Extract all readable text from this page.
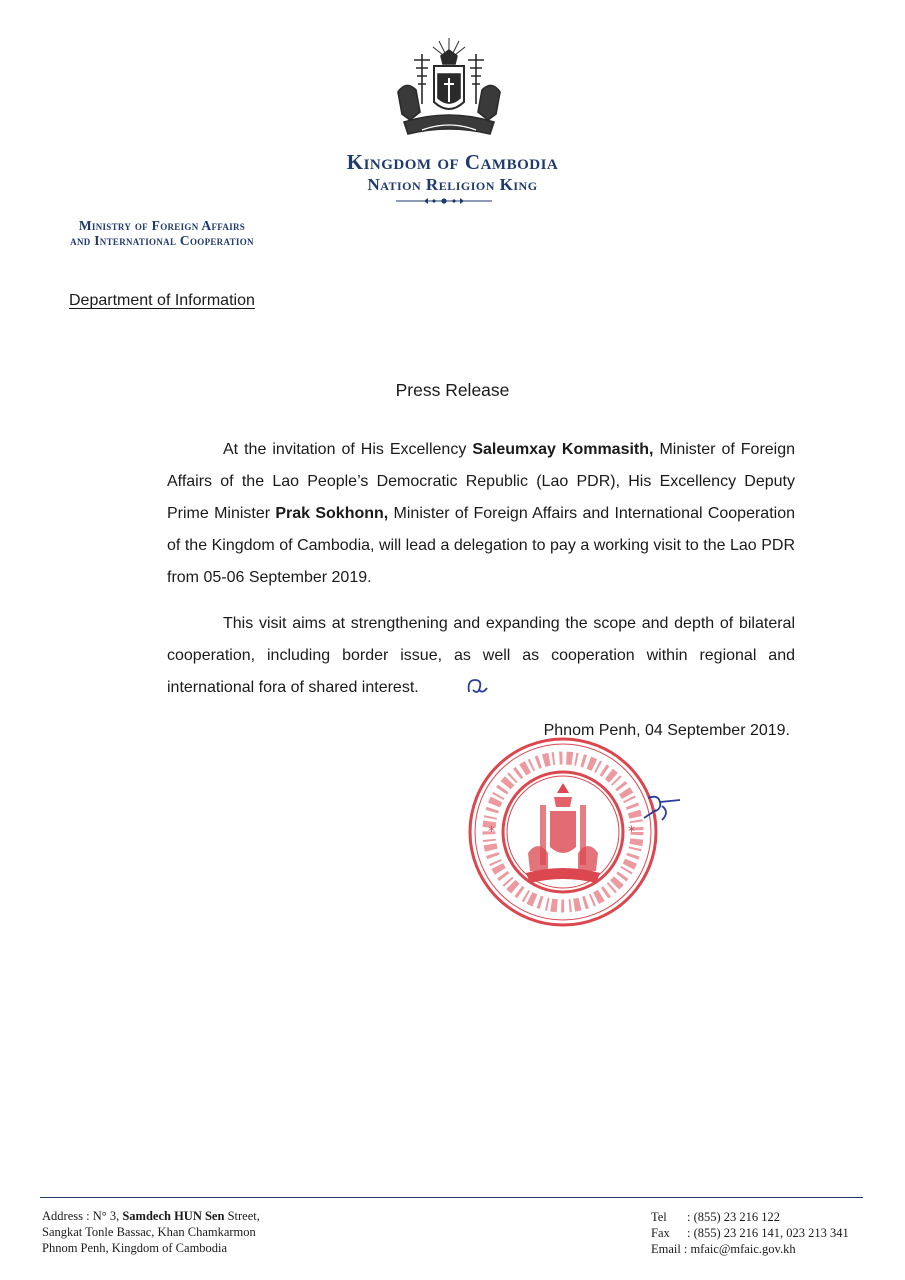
Kingdom of Cambodia
Nation Religion King
Ministry of Foreign Affairs
and International Cooperation
Department of Information
Press Release

At the invitation of His Excellency Saleumxay Kommasith, Minister of Foreign Affairs of the Lao People’s Democratic Republic (Lao PDR), His Excellency Deputy Prime Minister Prak Sokhonn, Minister of Foreign Affairs and International Cooperation of the Kingdom of Cambodia, will lead a delegation to pay a working visit to the Lao PDR from 05-06 September 2019.

This visit aims at strengthening and expanding the scope and depth of bilateral cooperation, including border issue, as well as cooperation within regional and international fora of shared interest.

Phnom Penh, 04 September 2019.
*	*
Address : N° 3, Samdech HUN Sen Street,
Sangkat Tonle Bassac, Khan Chamkarmon
Phnom Penh, Kingdom of Cambodia
Tel	: (855) 23 216 122
Fax	: (855) 23 216 141, 023 213 341
Email : mfaic@mfaic.gov.kh
